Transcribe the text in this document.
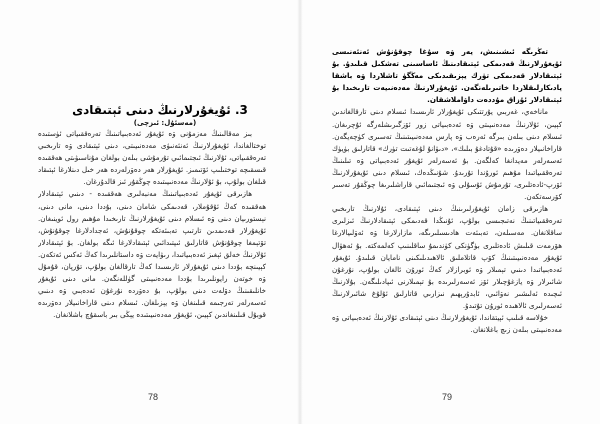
3. ئۇيغۇرلارنىڭ دىنى ئېتىقادى
(مەسئۇل: ئىزچى)

بىز مەقالىنىڭ مەزمۇنى ۋە ئۇيغۇر ئەدەبىياتىنىڭ تەرەققىياتى ئۈستىدە توختالغاندا، ئۇيغۇرلارنىڭ ئەنئەنىۋى مەدەنىيىتى، دىنى ئېتىقادى ۋە تارىخىي تەرەققىياتى، ئۇلارنىڭ ئىجتىمائىي تۇرمۇشى بىلەن بولغان مۇناسىۋىتى ھەققىدە قىسقىچە توختىلىپ ئۆتىمىز. ئۇيغۇرلار ھەر دەۋرلەردە ھەر خىل دىنلارغا ئېتىقاد قىلغان بولۇپ، بۇ ئۇلارنىڭ مەدەنىيىتىدە چوڭقۇر ئىز قالدۇرغان.

ھازىرقى ئۇيغۇر ئەدەبىياتىنىڭ مەنبەلىرى ھەققىدە - دىنىي ئېتىقادلار ھەققىدە كەڭ ئۇقۇملار، قەدىمكى شامان دىنى، بۇددا دىنى، مانى دىنى، نېستورىيان دىنى ۋە ئىسلام دىنى ئۇيغۇرلارنىڭ تارىخىدا مۇھىم رول ئوينىغان. ئۇيغۇرلار قەدىمدىن تارتىپ تەبىئەتكە چوقۇنۇش، ئەجدادلارغا چوقۇنۇش، تۆتېمغا چوقۇنۇش قاتارلىق ئىپتىدائىي ئېتىقادلارغا ئىگە بولغان. بۇ ئېتىقادلار ئۇلارنىڭ خەلق ئېغىز ئەدەبىياتىدا، رىۋايەت ۋە داستانلىرىدا كەڭ ئەكس ئەتكەن. كېيىنچە بۇددا دىنى ئۇيغۇرلار ئارىسىدا كەڭ تارقالغان بولۇپ، تۇرپان، قۇمۇل ۋە خوتەن رايونلىرىدا بۇددا مەدەنىيىتى گۈللەنگەن. مانى دىنى ئۇيغۇر خانلىقىنىڭ دۆلەت دىنى بولۇپ، بۇ دەۋردە نۇرغۇن ئەدەبىي ۋە دىنىي ئەسەرلەر تەرجىمە قىلىنغان ۋە يېزىلغان. ئىسلام دىنى قاراخانىيلار دەۋرىدە قوبۇل قىلىنغاندىن كېيىن، ئۇيغۇر مەدەنىيىتىدە يېڭى بىر باسقۇچ باشلانغان.

78

تەڭرىگە ئىشىنىش، يەر ۋە سۇغا چوقۇنۇش ئەنئەنىسى ئۇيغۇرلارنىڭ قەدىمكى ئېتىقادىنىڭ ئاساسىنى تەشكىل قىلىدۇ. بۇ ئېتىقادلار قەدىمكى تۈرك يېزىقىدىكى مەڭگۈ تاشلاردا ۋە باشقا يادىكارلىقلاردا خاتىرىلەنگەن. ئۇيغۇرلارنىڭ مەدەنىيەت تارىخىدا بۇ ئېتىقادلار ئۇزاق مۇددەت داۋاملاشقان.

ماناخەي، غەربىي يۇرتتىكى ئۇيغۇرلار ئارىسىدا ئىسلام دىنى تارقالغاندىن كېيىن، ئۇلارنىڭ مەدەنىيىتى ۋە ئەدەبىياتى زور ئۆزگىرىشلەرگە ئۇچرىغان. ئىسلام دىنى بىلەن بىرگە ئەرەب ۋە پارس مەدەنىيىتىنىڭ تەسىرى كۈچەيگەن. قاراخانىيلار دەۋرىدە «قۇتادغۇ بىلىك»، «دىۋانۇ لۇغەتىت تۈرك» قاتارلىق بۈيۈك ئەسەرلەر مەيدانغا كەلگەن. بۇ ئەسەرلەر ئۇيغۇر ئەدەبىياتى ۋە تىلىنىڭ تەرەققىياتىدا مۇھىم ئورۇندا تۇرىدۇ. شۇنىڭدەك، ئىسلام دىنى ئۇيغۇرلارنىڭ ئۆرپ-ئادەتلىرى، تۇرمۇش ئۇسۇلى ۋە ئىجتىمائىي قاراشلىرىغا چوڭقۇر تەسىر كۆرسەتكەن.

ھازىرقى زامان ئۇيغۇرلىرىنىڭ دىنى ئېتىقادى، ئۇلارنىڭ تارىخىي تەرەققىياتىنىڭ نەتىجىسى بولۇپ، ئۇنىڭدا قەدىمكى ئېتىقادلارنىڭ ئىزلىرى ساقلانغان. مەسىلەن، تەبىئەت ھادىسىلىرىگە، مازارلارغا ۋە ئەۋلىيالارغا ھۆرمەت قىلىش ئادەتلىرى بۈگۈنكى كۈندىمۇ ساقلىنىپ كەلمەكتە. بۇ ئەھۋال ئۇيغۇر مەدەنىيىتىنىڭ كۆپ قاتلاملىق ئالاھىدىلىكىنى نامايان قىلىدۇ. ئۇيغۇر ئەدەبىياتىدا دىنىي تېمىلار ۋە ئوبرازلار كەڭ ئورۇن ئالغان بولۇپ، نۇرغۇن شائىرلار ۋە يازغۇچىلار ئۆز ئەسەرلىرىدە بۇ تېمىلارنى ئىپادىلىگەن. بۇلارنىڭ ئىچىدە ئەلىشىر نەۋائىي، ئابدۇرېھىم نىزارىي قاتارلىق ئۇلۇغ شائىرلارنىڭ ئەسەرلىرى ئالاھىدە ئورۇن تۇتىدۇ.

خۇلاسە قىلىپ ئېيتقاندا، ئۇيغۇرلارنىڭ دىنى ئېتىقادى ئۇلارنىڭ ئەدەبىياتى ۋە مەدەنىيىتى بىلەن زىچ باغلانغان.

79
